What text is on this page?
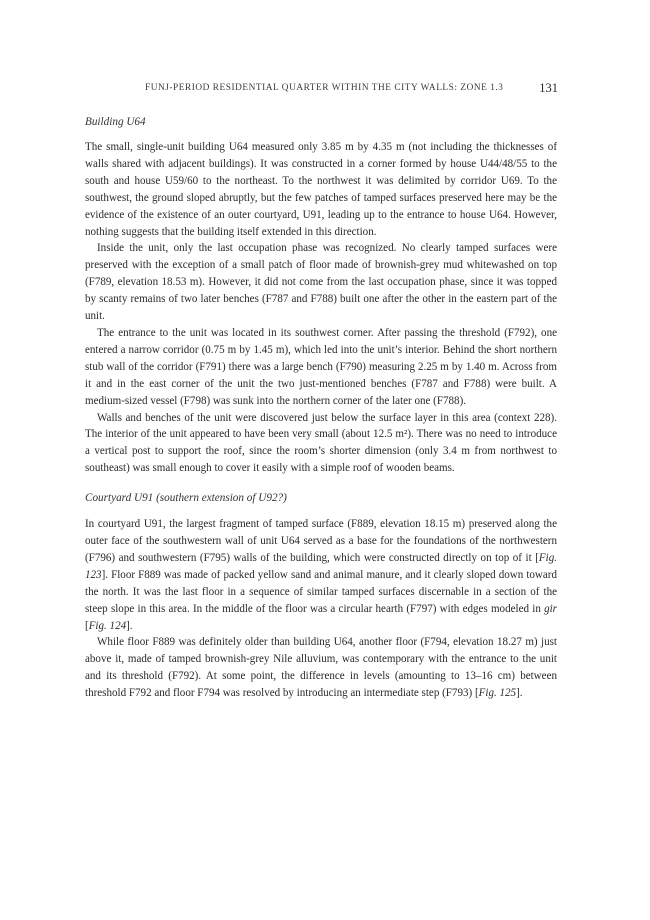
FUNJ-PERIOD RESIDENTIAL QUARTER WITHIN THE CITY WALLS: ZONE 1.3	131
Building U64

The small, single-unit building U64 measured only 3.85 m by 4.35 m (not including the thicknesses of walls shared with adjacent buildings). It was constructed in a corner formed by house U44/48/55 to the south and house U59/60 to the northeast. To the northwest it was delimited by corridor U69. To the southwest, the ground sloped abruptly, but the few patches of tamped surfaces preserved here may be the evidence of the existence of an outer courtyard, U91, leading up to the entrance to house U64. However, nothing suggests that the building itself extended in this direction.

Inside the unit, only the last occupation phase was recognized. No clearly tamped surfaces were preserved with the exception of a small patch of floor made of brownish-grey mud whitewashed on top (F789, elevation 18.53 m). However, it did not come from the last occupation phase, since it was topped by scanty remains of two later benches (F787 and F788) built one after the other in the eastern part of the unit.

The entrance to the unit was located in its southwest corner. After passing the threshold (F792), one entered a narrow corridor (0.75 m by 1.45 m), which led into the unit’s interior. Behind the short northern stub wall of the corridor (F791) there was a large bench (F790) measuring 2.25 m by 1.40 m. Across from it and in the east corner of the unit the two just-mentioned benches (F787 and F788) were built. A medium-sized vessel (F798) was sunk into the northern corner of the later one (F788).

Walls and benches of the unit were discovered just below the surface layer in this area (context 228). The interior of the unit appeared to have been very small (about 12.5 m²). There was no need to introduce a vertical post to support the roof, since the room’s shorter dimension (only 3.4 m from northwest to southeast) was small enough to cover it easily with a simple roof of wooden beams.

Courtyard U91 (southern extension of U92?)

In courtyard U91, the largest fragment of tamped surface (F889, elevation 18.15 m) preserved along the outer face of the southwestern wall of unit U64 served as a base for the foundations of the northwestern (F796) and southwestern (F795) walls of the building, which were constructed directly on top of it [Fig. 123]. Floor F889 was made of packed yellow sand and animal manure, and it clearly sloped down toward the north. It was the last floor in a sequence of similar tamped surfaces discernable in a section of the steep slope in this area. In the middle of the floor was a circular hearth (F797) with edges modeled in gir [Fig. 124].

While floor F889 was definitely older than building U64, another floor (F794, elevation 18.27 m) just above it, made of tamped brownish-grey Nile alluvium, was contemporary with the entrance to the unit and its threshold (F792). At some point, the difference in levels (amounting to 13–16 cm) between threshold F792 and floor F794 was resolved by introducing an intermediate step (F793) [Fig. 125].
